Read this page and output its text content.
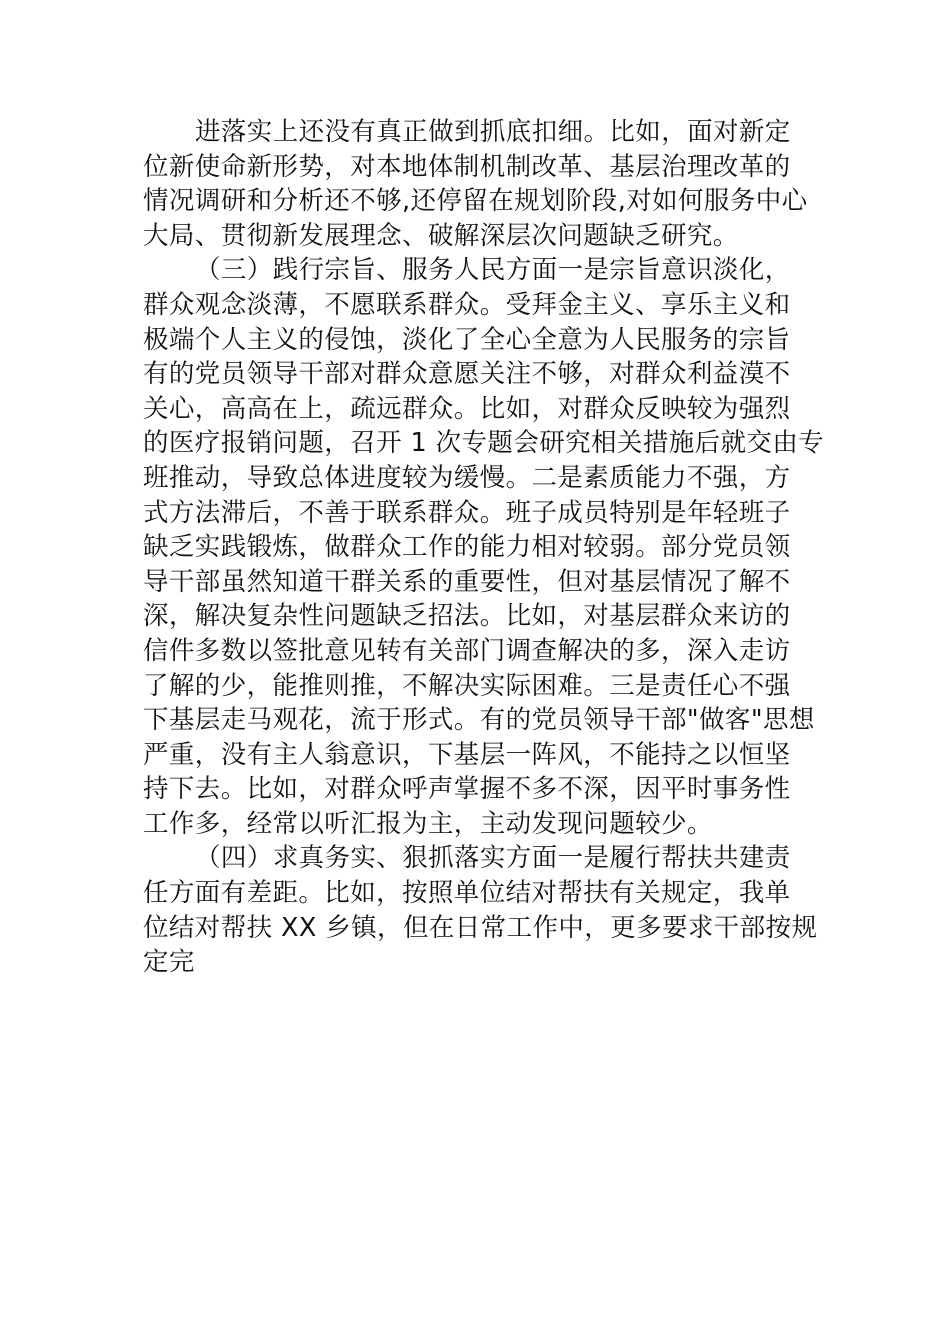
进落实上还没有真正做到抓底扣细。比如，面对新定
位新使命新形势，对本地体制机制改革、基层治理改革的
情况调研和分析还不够,还停留在规划阶段,对如何服务中心
大局、贯彻新发展理念、破解深层次问题缺乏研究。
（三）践行宗旨、服务人民方面一是宗旨意识淡化，
群众观念淡薄，不愿联系群众。受拜金主义、享乐主义和
极端个人主义的侵蚀，淡化了全心全意为人民服务的宗旨
有的党员领导干部对群众意愿关注不够，对群众利益漠不
关心，高高在上，疏远群众。比如，对群众反映较为强烈
的医疗报销问题，召开 1 次专题会研究相关措施后就交由专
班推动，导致总体进度较为缓慢。二是素质能力不强，方
式方法滞后，不善于联系群众。班子成员特别是年轻班子
缺乏实践锻炼，做群众工作的能力相对较弱。部分党员领
导干部虽然知道干群关系的重要性，但对基层情况了解不
深，解决复杂性问题缺乏招法。比如，对基层群众来访的
信件多数以签批意见转有关部门调查解决的多，深入走访
了解的少，能推则推，不解决实际困难。三是责任心不强
下基层走马观花，流于形式。有的党员领导干部"做客"思想
严重，没有主人翁意识，下基层一阵风，不能持之以恒坚
持下去。比如，对群众呼声掌握不多不深，因平时事务性
工作多，经常以听汇报为主，主动发现问题较少。
（四）求真务实、狠抓落实方面一是履行帮扶共建责
任方面有差距。比如，按照单位结对帮扶有关规定，我单
位结对帮扶 XX 乡镇，但在日常工作中，更多要求干部按规
定完
